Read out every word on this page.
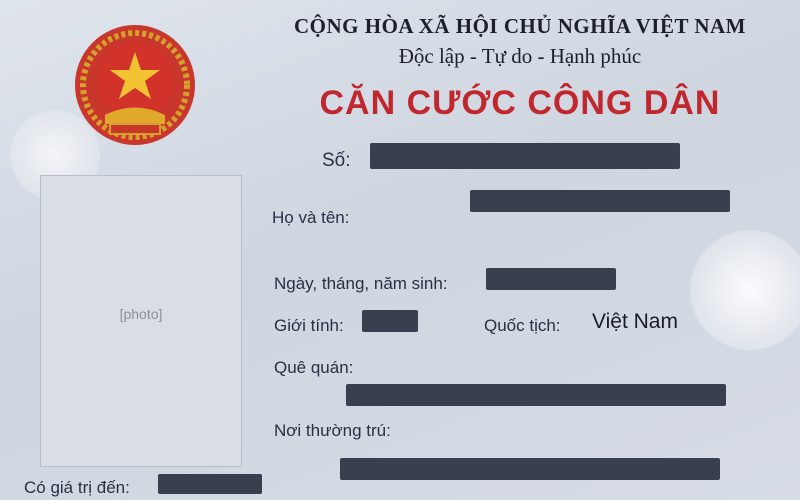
[photo]
CỘNG HÒA XÃ HỘI CHỦ NGHĨA VIỆT NAM
Độc lập - Tự do - Hạnh phúc
CĂN CƯỚC CÔNG DÂN
Số:
Họ và tên:
Ngày, tháng, năm sinh:
Giới tính:	Quốc tịch: Việt Nam
Quê quán:
Nơi thường trú:
Có giá trị đến:
